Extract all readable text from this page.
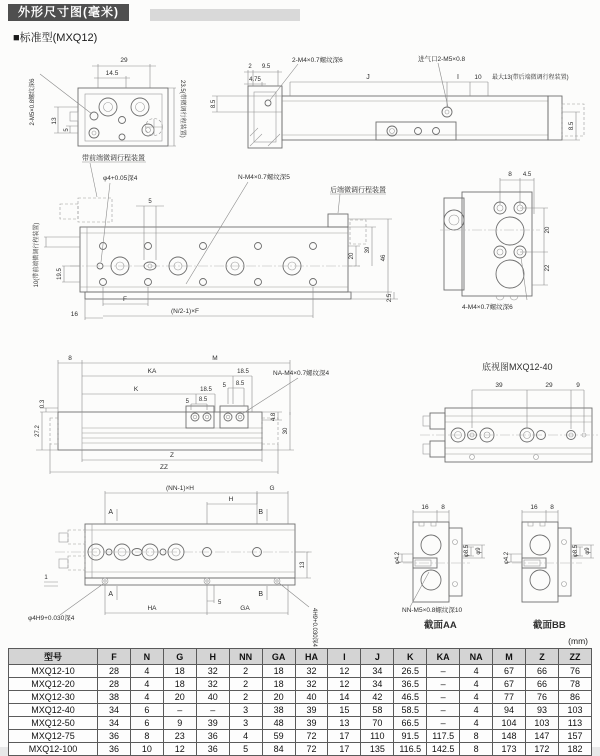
外形尺寸图(毫米)
■标准型(MXQ12)
29
14.5
13
5
2-M5×0.8螺纹深6	23.5(带微调行程装置)
带前端微调行程装置
2 9.5
4.75
2-M4×0.7螺纹深6
J	I 10 最大13(带后端微调行程装置)
进气口2-M5×0.8
8.5
8.5
后端微调行程装置
φ4+0.05深4
5
N-M4×0.7螺纹深5
19.5
10(带前端微调行程装置)
F
(N/2-1)×F
16
20
39
46
2.5
8 4.5
20
22
4-M4×0.7螺纹深6
8	M
KA	18.5
K	18.5
5 8.5
5 8.5
NA-M4×0.7螺纹深4
0.3
27.2
4.8
30
Z
ZZ
底视图MXQ12-40
39	29	9
(NN-1)×H	G
H
A	B
A	B
13
1
5
HA	GA
φ4H9+0.030深4	4H9+0.030深4
16 8
φ4.2
φ8.5 φ9
NN-M5×0.8螺纹深10
截面AA
16 8
φ4.2
φ8.5 φ9
截面BB
(mm)
型号	F	N	G	H	NN	GA	HA	I	J	K	KA	NA	M	Z	ZZ
MXQ12-10	28	4	18	32	2	18	32	12	34	26.5	–	4	67	66	76
MXQ12-20	28	4	18	32	2	18	32	12	34	36.5	–	4	67	66	78
MXQ12-30	38	4	20	40	2	20	40	14	42	46.5	–	4	77	76	86
MXQ12-40	34	6	–	–	3	38	39	15	58	58.5	–	4	94	93	103
MXQ12-50	34	6	9	39	3	48	39	13	70	66.5	–	4	104	103	113
MXQ12-75	36	8	23	36	4	59	72	17	110	91.5	117.5	8	148	147	157
MXQ12-100	36	10	12	36	5	84	72	17	135	116.5	142.5	8	173	172	182
